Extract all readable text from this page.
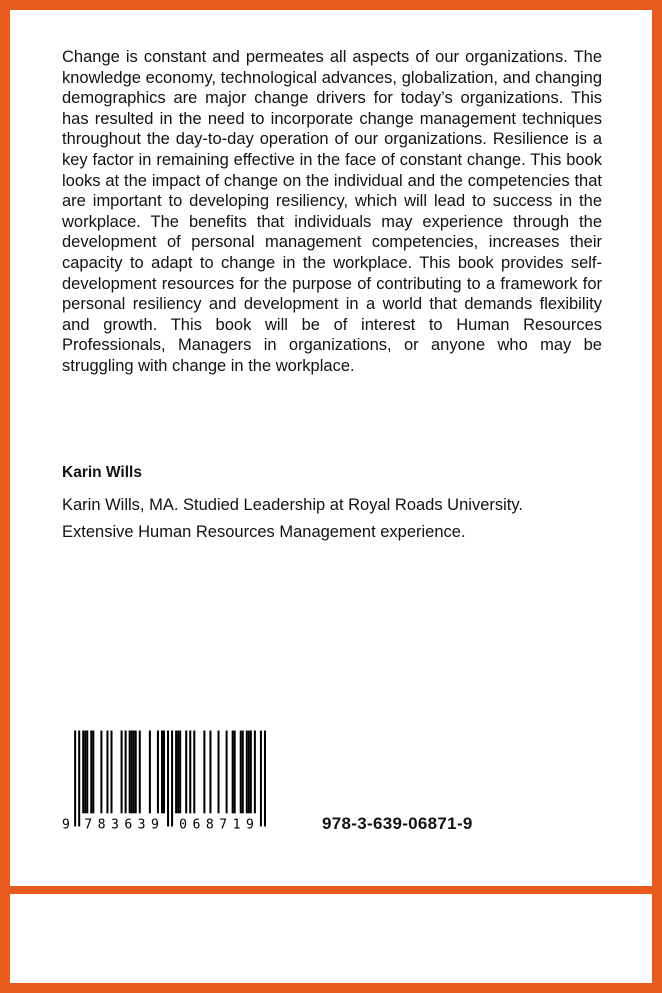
Change is constant and permeates all aspects of our organizations. The knowledge economy, technological advances, globalization, and changing demographics are major change drivers for today’s organizations. This has resulted in the need to incorporate change management techniques throughout the day-to-day operation of our organizations. Resilience is a key factor in remaining effective in the face of constant change. This book looks at the impact of change on the individual and the competencies that are important to developing resiliency, which will lead to success in the workplace. The benefits that individuals may experience through the development of personal management competencies, increases their capacity to adapt to change in the workplace. This book provides self-development resources for the purpose of contributing to a framework for personal resiliency and development in a world that demands flexibility and growth. This book will be of interest to Human Resources Professionals, Managers in organizations, or anyone who may be struggling with change in the workplace.

Karin Wills
Karin Wills, MA. Studied Leadership at Royal Roads University.
Extensive Human Resources Management experience.
9 783639 068719	978-3-639-06871-9
